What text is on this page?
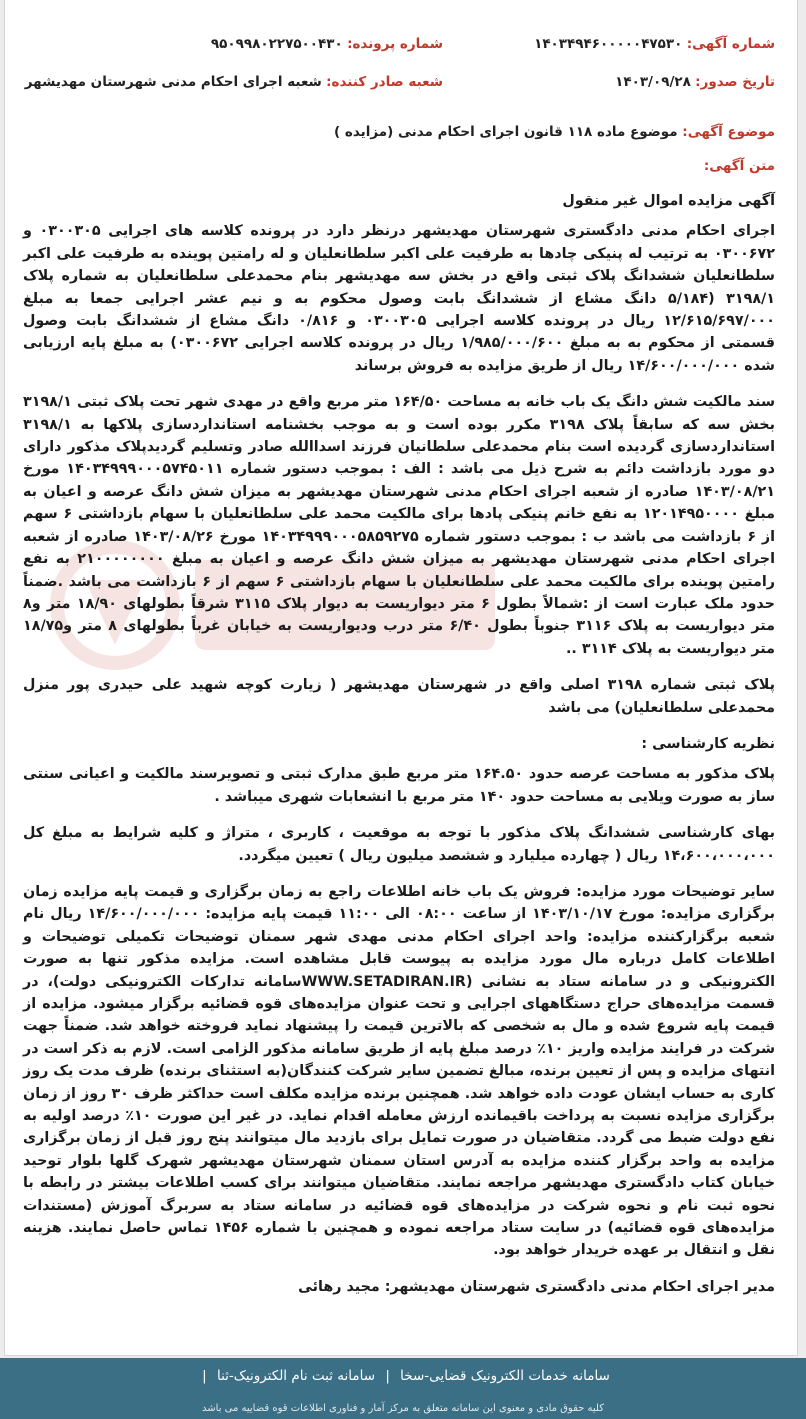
شماره آگهی: ۱۴۰۳۴۹۴۶۰۰۰۰۰۴۷۵۳۰
شماره پرونده: ۹۵۰۹۹۸۰۲۲۷۵۰۰۴۳۰
تاریخ صدور: ۱۴۰۳/۰۹/۲۸
شعبه صادر کننده: شعبه اجرای احکام مدنی شهرستان مهدیشهر
موضوع آگهی: موضوع ماده ۱۱۸ قانون اجرای احکام مدنی (مزایده )
متن آگهی:

آگهی مزایده اموال غیر منقول

اجرای احکام مدنی دادگستری شهرستان مهدیشهر درنظر دارد در پرونده کلاسه های اجرایی ۰۳۰۰۳۰۵ و ۰۳۰۰۶۷۲ به ترتیب له پنیکی چادها به طرفیت علی اکبر سلطانعلیان و له رامتین پوینده به طرفیت علی اکبر سلطانعلیان ششدانگ پلاک ثبتی واقع در بخش سه مهدیشهر بنام محمدعلی سلطانعلیان به شماره پلاک ۳۱۹۸/۱ (۵/۱۸۴ دانگ مشاع از ششدانگ بابت وصول محکوم به و نیم عشر اجرایی جمعا به مبلغ ۱۲/۶۱۵/۶۹۷/۰۰۰ ریال در پرونده کلاسه اجرایی ۰۳۰۰۳۰۵ و ۰/۸۱۶ دانگ مشاع از ششدانگ بابت وصول قسمتی از محکوم به به مبلغ ۱/۹۸۵/۰۰۰/۶۰۰ ریال در پرونده کلاسه اجرایی ۰۳۰۰۶۷۲) به مبلغ پایه ارزیابی شده ۱۴/۶۰۰/۰۰۰/۰۰۰ ریال از طریق مزایده به فروش برساند

سند مالکیت شش دانگ یک باب خانه به مساحت ۱۶۴/۵۰ متر مربع واقع در مهدی شهر تحت پلاک ثبتی ۳۱۹۸/۱ بخش سه که سابقاً پلاک ۳۱۹۸ مکرر بوده است و به موجب بخشنامه استانداردسازی پلاکها به ۳۱۹۸/۱ استانداردسازی گردیده است بنام محمدعلی سلطانیان فرزند اسداالله صادر وتسلیم گردیدپلاک مذکور دارای دو مورد بازداشت دائم به شرح ذیل می باشد : الف : بموجب دستور شماره ۱۴۰۳۴۹۹۹۰۰۰۵۷۴۵۰۱۱ مورخ ۱۴۰۳/۰۸/۲۱ صادره از شعبه اجرای احکام مدنی شهرستان مهدیشهر به میزان شش دانگ عرصه و اعیان به مبلغ ۱۲۰۱۴۹۵۰۰۰۰ به نفع خانم پنیکی پادها برای مالکیت محمد علی سلطانعلیان با سهام بازداشتی ۶ سهم از ۶ بازداشت می باشد ب : بموجب دستور شماره ۱۴۰۳۴۹۹۹۰۰۰۵۸۵۹۲۷۵ مورخ ۱۴۰۳/۰۸/۲۶ صادره از شعبه اجرای احکام مدنی شهرستان مهدیشهر به میزان شش دانگ عرصه و اعیان به مبلغ ۲۱۰۰۰۰۰۰۰۰ به نفع رامتین پوینده برای مالکیت محمد علی سلطانعلیان با سهام بازداشتی ۶ سهم از ۶ بازداشت می باشد .ضمناً حدود ملک عبارت است از :شمالاً بطول ۶ متر دیواریست به دیوار پلاک ۳۱۱۵ شرقاً بطولهای ۱۸/۹۰ متر و۸ متر دیواریست به پلاک ۳۱۱۶ جنوباً بطول ۶/۴۰ متر درب ودیواریست به خیابان غرباً بطولهای ۸ متر و۱۸/۷۵ متر دیواریست به پلاک ۳۱۱۴ ..

پلاک ثبتی شماره ۳۱۹۸ اصلی واقع در شهرستان مهدیشهر ( زیارت کوچه شهید علی حیدری پور منزل محمدعلی سلطانعلیان) می باشد

نظریه کارشناسی :

پلاک مذکور به مساحت عرصه حدود ۱۶۴.۵۰ متر مربع طبق مدارک ثبتی و تصویرسند مالکیت و اعیانی سنتی ساز به صورت ویلایی به مساحت حدود ۱۴۰ متر مربع با انشعابات شهری میباشد .

بهای کارشناسی ششدانگ پلاک مذکور با توجه به موقعیت ، کاربری ، متراژ و کلیه شرایط به مبلغ کل ۱۴،۶۰۰،۰۰۰،۰۰۰ ریال ( چهارده میلیارد و ششصد میلیون ریال ) تعیین میگردد.

سایر توضیحات مورد مزایده: فروش یک باب خانه اطلاعات راجع به زمان برگزاری و قیمت پایه مزایده زمان برگزاری مزایده: مورخ ۱۴۰۳/۱۰/۱۷ از ساعت ۰۸:۰۰ الی ۱۱:۰۰ قیمت پایه مزایده: ۱۴/۶۰۰/۰۰۰/۰۰۰ ریال نام شعبه برگزارکننده مزایده: واحد اجرای احکام مدنی مهدی شهر سمنان توضیحات تکمیلی توضیحات و اطلاعات کامل درباره مال مورد مزایده به پیوست قابل مشاهده است. مزایده مذکور تنها به صورت الکترونیکی و در سامانه ستاد به نشانی (WWW.SETADIRAN.IRسامانه تدارکات الکترونیکی دولت)، در قسمت مزایده‌های حراج دستگاههای اجرایی و تحت عنوان مزایده‌های قوه قضائیه برگزار میشود. مزایده از قیمت پایه شروع شده و مال به شخصی که بالاترین قیمت را پیشنهاد نماید فروخته خواهد شد. ضمناً جهت شرکت در فرایند مزایده واریز ۱۰٪ درصد مبلغ پایه از طریق سامانه مذکور الزامی است. لازم به ذکر است در انتهای مزایده و پس از تعیین برنده، مبالغ تضمین سایر شرکت کنندگان(به استثنای برنده) ظرف مدت یک روز کاری به حساب ایشان عودت داده خواهد شد. همچنین برنده مزایده مکلف است حداکثر ظرف ۳۰ روز از زمان برگزاری مزایده نسبت به پرداخت باقیمانده ارزش معامله اقدام نماید. در غیر این صورت ۱۰٪ درصد اولیه به نفع دولت ضبط می گردد. متقاضیان در صورت تمایل برای بازدید مال میتوانند پنج روز قبل از زمان برگزاری مزایده به واحد برگزار کننده مزایده به آدرس استان سمنان شهرستان مهدیشهر شهرک گلها بلوار توحید خیابان کتاب دادگستری مهدیشهر مراجعه نمایند. متقاضیان میتوانند برای کسب اطلاعات بیشتر در رابطه با نحوه ثبت نام و نحوه شرکت در مزایده‌های قوه قضائیه در سامانه ستاد به سربرگ آموزش (مستندات مزایده‌های قوه قضائیه) در سایت ستاد مراجعه نموده و همچنین با شماره ۱۴۵۶ تماس حاصل نمایند. هزینه نقل و انتقال بر عهده خریدار خواهد بود.

مدیر اجرای احکام مدنی دادگستری شهرستان مهدیشهر: مجید رهائی

سامانه خدمات الکترونیک قضایی-سخا | سامانه ثبت نام الکترونیک-ثنا |
کلیه حقوق مادی و معنوی این سامانه متعلق به مرکز آمار و فناوری اطلاعات قوه قضاییه می باشد
